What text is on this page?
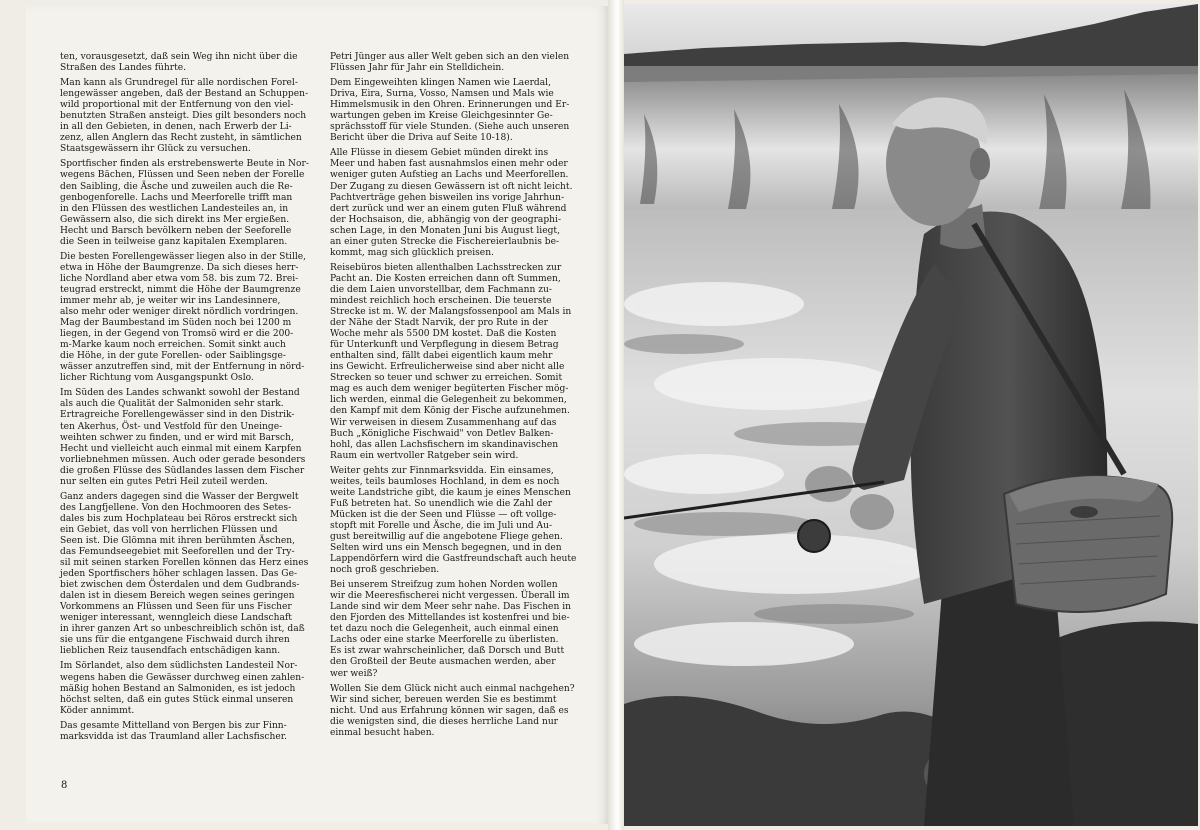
ten, vorausgesetzt, daß sein Weg ihn nicht über die
Straßen des Landes führte.

Man kann als Grundregel für alle nordischen Forel-
lengewässer angeben, daß der Bestand an Schuppen-
wild proportional mit der Entfernung von den viel-
benutzten Straßen ansteigt. Dies gilt besonders noch
in all den Gebieten, in denen, nach Erwerb der Li-
zenz, allen Anglern das Recht zusteht, in sämtlichen
Staatsgewässern ihr Glück zu versuchen.

Sportfischer finden als erstrebenswerte Beute in Nor-
wegens Bächen, Flüssen und Seen neben der Forelle
den Saibling, die Äsche und zuweilen auch die Re-
genbogenforelle. Lachs und Meerforelle trifft man
in den Flüssen des westlichen Landesteiles an, in
Gewässern also, die sich direkt ins Mer ergießen.
Hecht und Barsch bevölkern neben der Seeforelle
die Seen in teilweise ganz kapitalen Exemplaren.

Die besten Forellengewässer liegen also in der Stille,
etwa in Höhe der Baumgrenze. Da sich dieses herr-
liche Nordland aber etwa vom 58. bis zum 72. Brei-
teugrad erstreckt, nimmt die Höhe der Baumgrenze
immer mehr ab, je weiter wir ins Landesinnere,
also mehr oder weniger direkt nördlich vordringen.
Mag der Baumbestand im Süden noch bei 1200 m
liegen, in der Gegend von Tromsö wird er die 200-
m-Marke kaum noch erreichen. Somit sinkt auch
die Höhe, in der gute Forellen- oder Saiblingsge-
wässer anzutreffen sind, mit der Entfernung in nörd-
licher Richtung vom Ausgangspunkt Oslo.

Im Süden des Landes schwankt sowohl der Bestand
als auch die Qualität der Salmoniden sehr stark.
Ertragreiche Forellengewässer sind in den Distrik-
ten Akerhus, Öst- und Vestfold für den Uneinge-
weihten schwer zu finden, und er wird mit Barsch,
Hecht und vielleicht auch einmal mit einem Karpfen
vorliebnehmen müssen. Auch oder gerade besonders
die großen Flüsse des Südlandes lassen dem Fischer
nur selten ein gutes Petri Heil zuteil werden.

Ganz anders dagegen sind die Wasser der Bergwelt
des Langfjellene. Von den Hochmooren des Setes-
dales bis zum Hochplateau bei Röros erstreckt sich
ein Gebiet, das voll von herrlichen Flüssen und
Seen ist. Die Glömna mit ihren berühmten Äschen,
das Femundseegebiet mit Seeforellen und der Try-
sil mit seinen starken Forellen können das Herz eines
jeden Sportfischers höher schlagen lassen. Das Ge-
biet zwischen dem Österdalen und dem Gudbrands-
dalen ist in diesem Bereich wegen seines geringen
Vorkommens an Flüssen und Seen für uns Fischer
weniger interessant, wenngleich diese Landschaft
in ihrer ganzen Art so unbeschreiblich schön ist, daß
sie uns für die entgangene Fischwaid durch ihren
lieblichen Reiz tausendfach entschädigen kann.

Im Sörlandet, also dem südlichsten Landesteil Nor-
wegens haben die Gewässer durchweg einen zahlen-
mäßig hohen Bestand an Salmoniden, es ist jedoch
höchst selten, daß ein gutes Stück einmal unseren
Köder annimmt.

Das gesamte Mittelland von Bergen bis zur Finn-
marksvidda ist das Traumland aller Lachsfischer.

Petri Jünger aus aller Welt geben sich an den vielen
Flüssen Jahr für Jahr ein Stelldichein.

Dem Eingeweihten klingen Namen wie Laerdal,
Driva, Eira, Surna, Vosso, Namsen und Mals wie
Himmelsmusik in den Ohren. Erinnerungen und Er-
wartungen geben im Kreise Gleichgesinnter Ge-
sprächsstoff für viele Stunden. (Siehe auch unseren
Bericht über die Driva auf Seite 10-18).

Alle Flüsse in diesem Gebiet münden direkt ins
Meer und haben fast ausnahmslos einen mehr oder
weniger guten Aufstieg an Lachs und Meerforellen.
Der Zugang zu diesen Gewässern ist oft nicht leicht.
Pachtverträge gehen bisweilen ins vorige Jahrhun-
dert zurück und wer an einem guten Fluß während
der Hochsaison, die, abhängig von der geographi-
schen Lage, in den Monaten Juni bis August liegt,
an einer guten Strecke die Fischereierlaubnis be-
kommt, mag sich glücklich preisen.

Reisebüros bieten allenthalben Lachsstrecken zur
Pacht an. Die Kosten erreichen dann oft Summen,
die dem Laien unvorstellbar, dem Fachmann zu-
mindest reichlich hoch erscheinen. Die teuerste
Strecke ist m. W. der Malangsfossenpool am Mals in
der Nähe der Stadt Narvik, der pro Rute in der
Woche mehr als 5500 DM kostet. Daß die Kosten
für Unterkunft und Verpflegung in diesem Betrag
enthalten sind, fällt dabei eigentlich kaum mehr
ins Gewicht. Erfreulicherweise sind aber nicht alle
Strecken so teuer und schwer zu erreichen. Somit
mag es auch dem weniger begüterten Fischer mög-
lich werden, einmal die Gelegenheit zu bekommen,
den Kampf mit dem König der Fische aufzunehmen.
Wir verweisen in diesem Zusammenhang auf das
Buch „Königliche Fischwaid" von Detlev Balken-
hohl, das allen Lachsfischern im skandinavischen
Raum ein wertvoller Ratgeber sein wird.

Weiter gehts zur Finnmarksvidda. Ein einsames,
weites, teils baumloses Hochland, in dem es noch
weite Landstriche gibt, die kaum je eines Menschen
Fuß betreten hat. So unendlich wie die Zahl der
Mücken ist die der Seen und Flüsse — oft vollge-
stopft mit Forelle und Äsche, die im Juli und Au-
gust bereitwillig auf die angebotene Fliege gehen.
Selten wird uns ein Mensch begegnen, und in den
Lappendörfern wird die Gastfreundschaft auch heute
noch groß geschrieben.

Bei unserem Streifzug zum hohen Norden wollen
wir die Meeresfischerei nicht vergessen. Überall im
Lande sind wir dem Meer sehr nahe. Das Fischen in
den Fjorden des Mittellandes ist kostenfrei und bie-
tet dazu noch die Gelegenheit, auch einmal einen
Lachs oder eine starke Meerforelle zu überlisten.
Es ist zwar wahrscheinlicher, daß Dorsch und Butt
den Großteil der Beute ausmachen werden, aber
wer weiß?

Wollen Sie dem Glück nicht auch einmal nachgehen?
Wir sind sicher, bereuen werden Sie es bestimmt
nicht. Und aus Erfahrung können wir sagen, daß es
die wenigsten sind, die dieses herrliche Land nur
einmal besucht haben.

8
